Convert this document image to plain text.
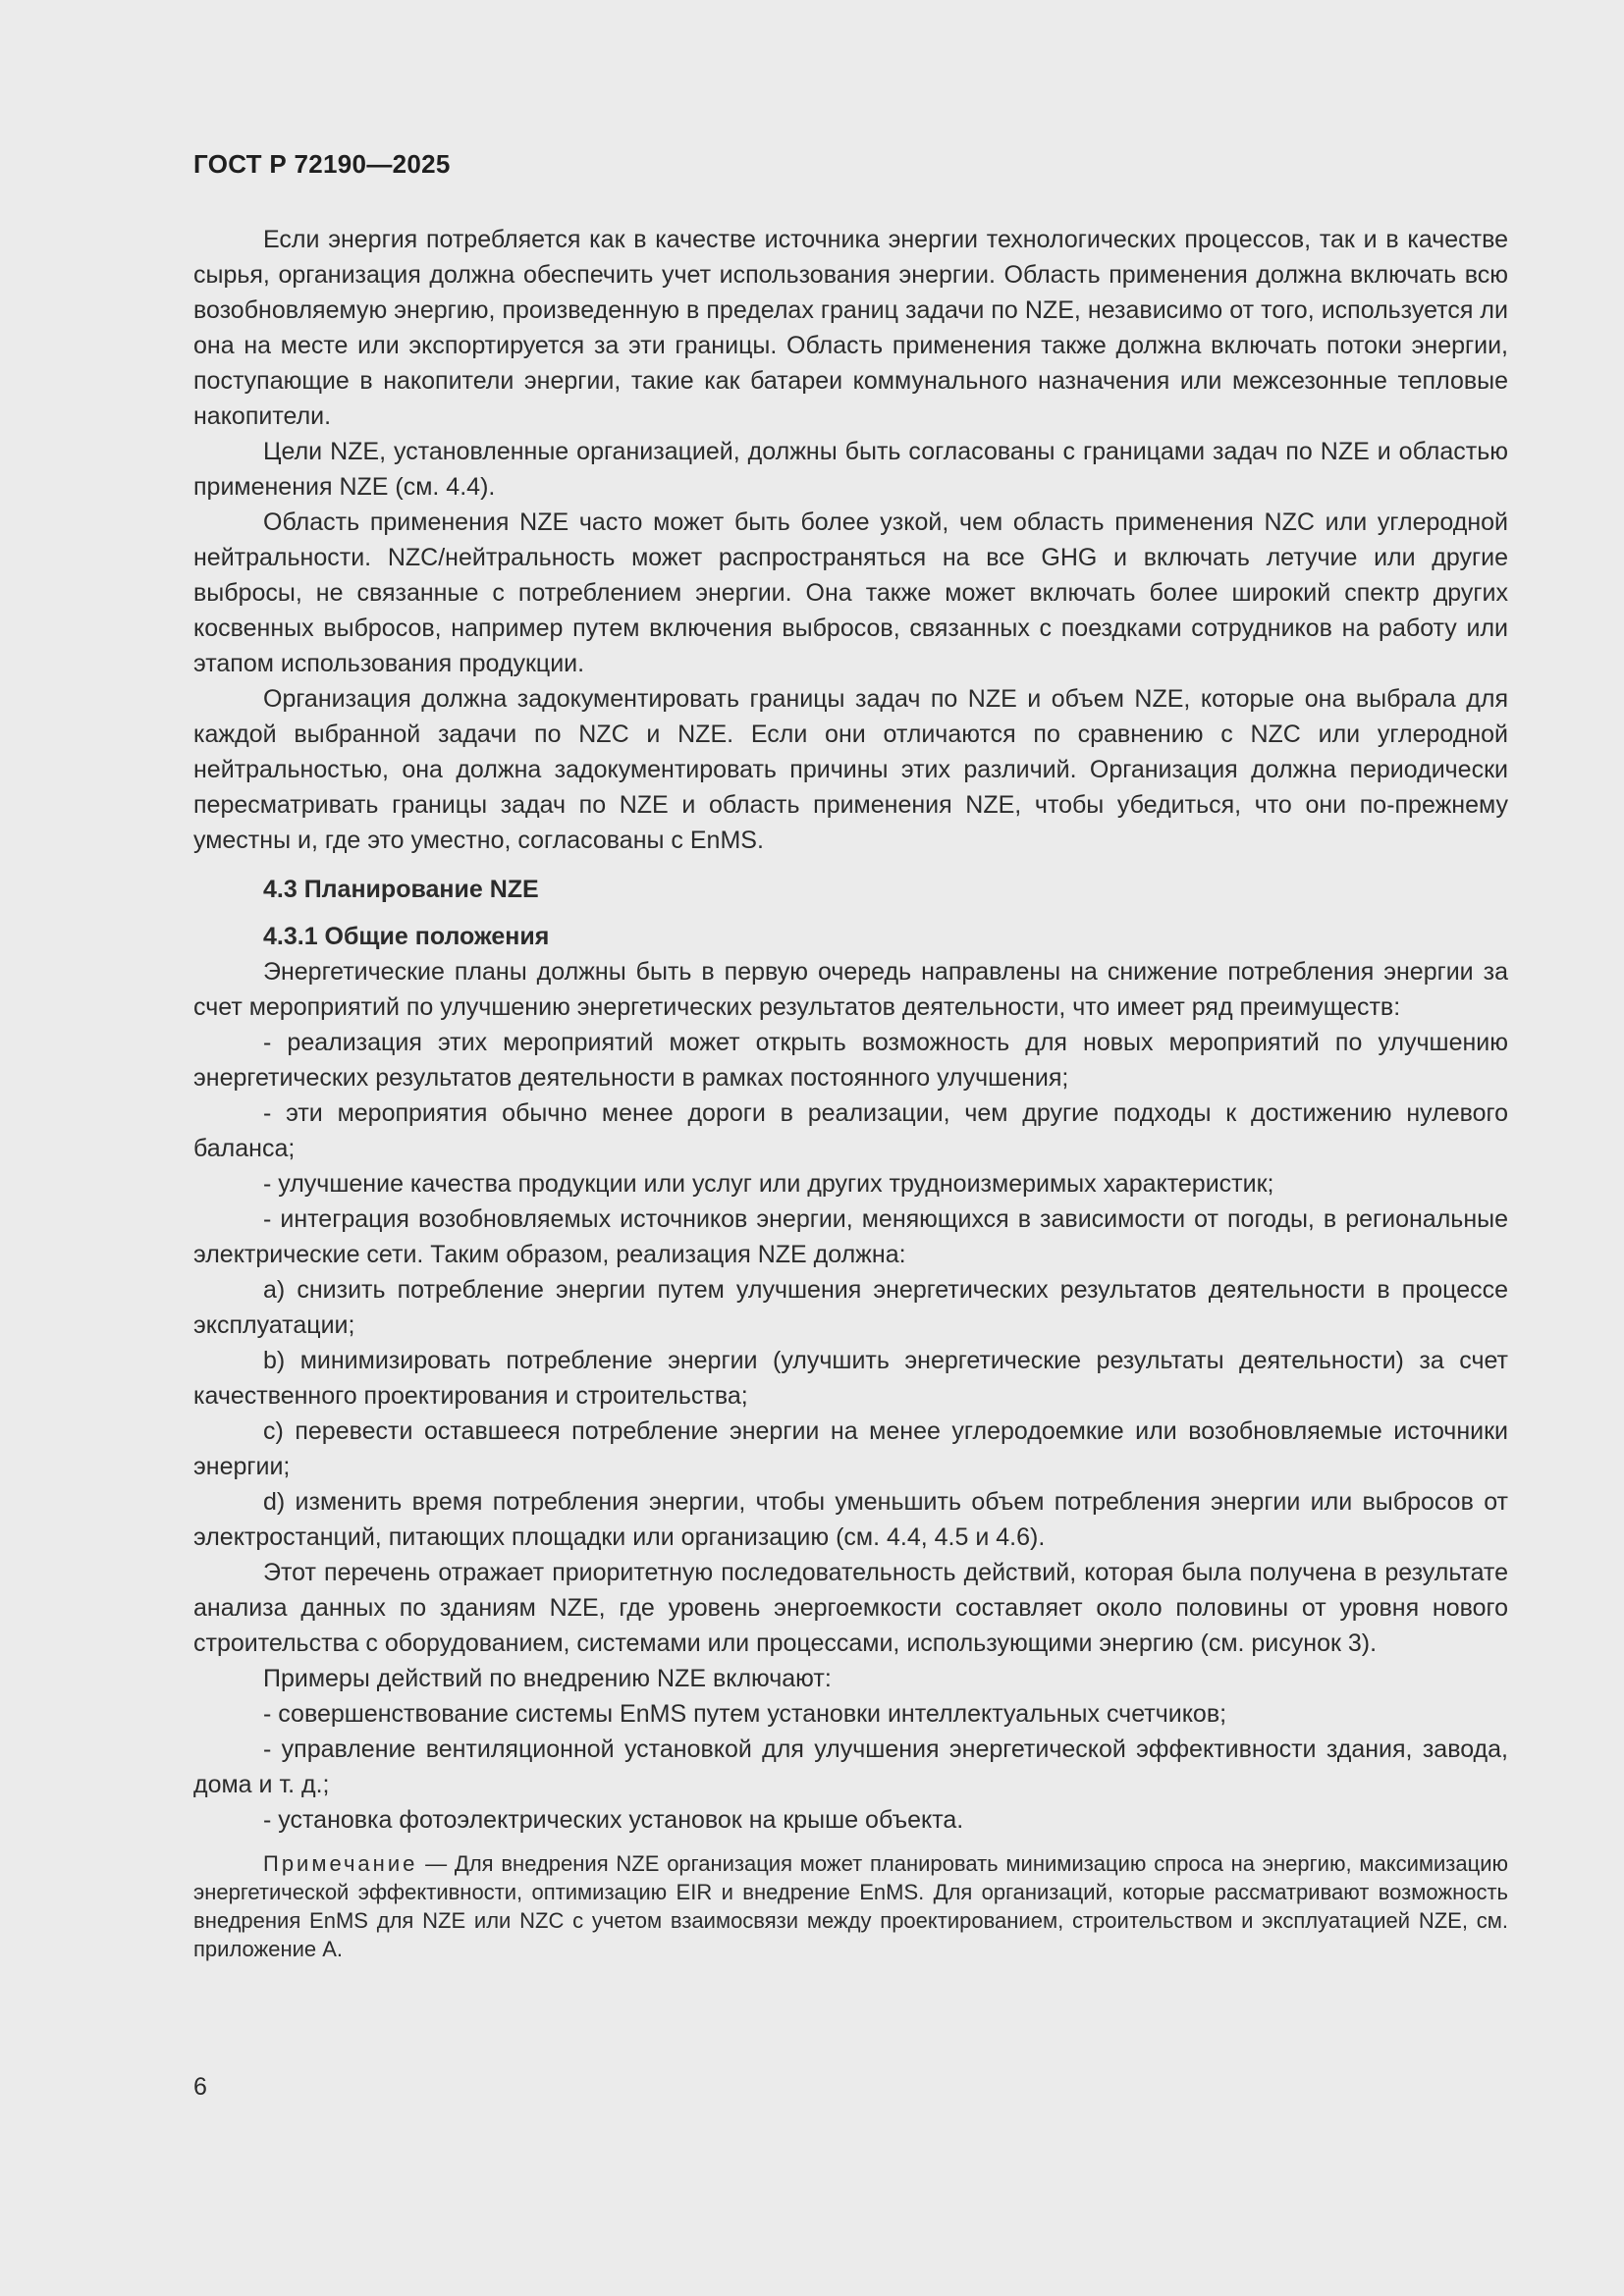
ГОСТ Р 72190—2025

Если энергия потребляется как в качестве источника энергии технологических процессов, так и в качестве сырья, организация должна обеспечить учет использования энергии. Область применения должна включать всю возобновляемую энергию, произведенную в пределах границ задачи по NZE, независимо от того, используется ли она на месте или экспортируется за эти границы. Область применения также должна включать потоки энергии, поступающие в накопители энергии, такие как батареи коммунального назначения или межсезонные тепловые накопители.

Цели NZE, установленные организацией, должны быть согласованы с границами задач по NZE и областью применения NZE (см. 4.4).

Область применения NZE часто может быть более узкой, чем область применения NZC или углеродной нейтральности. NZC/нейтральность может распространяться на все GHG и включать летучие или другие выбросы, не связанные с потреблением энергии. Она также может включать более широкий спектр других косвенных выбросов, например путем включения выбросов, связанных с поездками сотрудников на работу или этапом использования продукции.

Организация должна задокументировать границы задач по NZE и объем NZE, которые она выбрала для каждой выбранной задачи по NZC и NZE. Если они отличаются по сравнению с NZC или углеродной нейтральностью, она должна задокументировать причины этих различий. Организация должна периодически пересматривать границы задач по NZE и область применения NZE, чтобы убедиться, что они по-прежнему уместны и, где это уместно, согласованы с EnMS.

4.3 Планирование NZE
4.3.1 Общие положения

Энергетические планы должны быть в первую очередь направлены на снижение потребления энергии за счет мероприятий по улучшению энергетических результатов деятельности, что имеет ряд преимуществ:

- реализация этих мероприятий может открыть возможность для новых мероприятий по улучшению энергетических результатов деятельности в рамках постоянного улучшения;

- эти мероприятия обычно менее дороги в реализации, чем другие подходы к достижению нулевого баланса;

- улучшение качества продукции или услуг или других трудноизмеримых характеристик;

- интеграция возобновляемых источников энергии, меняющихся в зависимости от погоды, в региональные электрические сети. Таким образом, реализация NZE должна:

a) снизить потребление энергии путем улучшения энергетических результатов деятельности в процессе эксплуатации;

b) минимизировать потребление энергии (улучшить энергетические результаты деятельности) за счет качественного проектирования и строительства;

c) перевести оставшееся потребление энергии на менее углеродоемкие или возобновляемые источники энергии;

d) изменить время потребления энергии, чтобы уменьшить объем потребления энергии или выбросов от электростанций, питающих площадки или организацию (см. 4.4, 4.5 и 4.6).

Этот перечень отражает приоритетную последовательность действий, которая была получена в результате анализа данных по зданиям NZE, где уровень энергоемкости составляет около половины от уровня нового строительства с оборудованием, системами или процессами, использующими энергию (см. рисунок 3).

Примеры действий по внедрению NZE включают:

- совершенствование системы EnMS путем установки интеллектуальных счетчиков;

- управление вентиляционной установкой для улучшения энергетической эффективности здания, завода, дома и т. д.;

- установка фотоэлектрических установок на крыше объекта.

Примечание — Для внедрения NZE организация может планировать минимизацию спроса на энергию, максимизацию энергетической эффективности, оптимизацию EIR и внедрение EnMS. Для организаций, которые рассматривают возможность внедрения EnMS для NZE или NZC с учетом взаимосвязи между проектированием, строительством и эксплуатацией NZE, см. приложение А.

6
